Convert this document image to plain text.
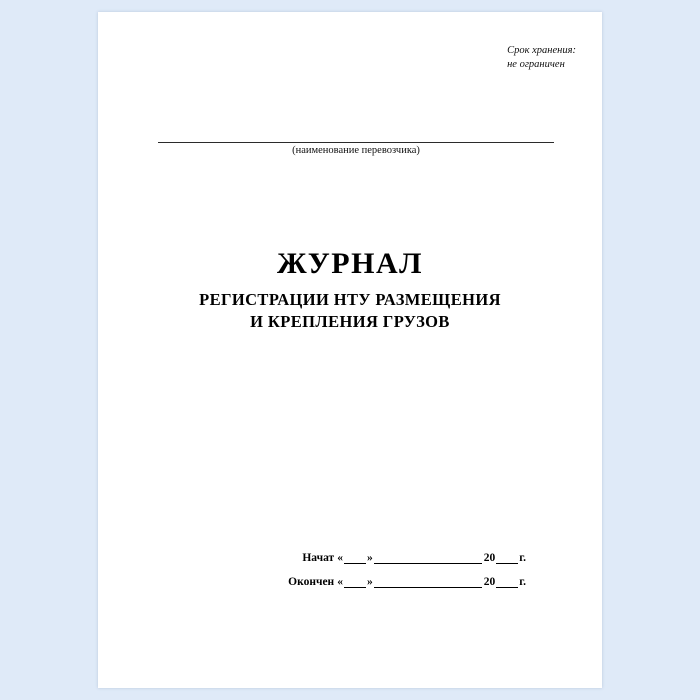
Срок хранения:
не ограничен
(наименование перевозчика)
ЖУРНАЛ
РЕГИСТРАЦИИ НТУ РАЗМЕЩЕНИЯ
И КРЕПЛЕНИЯ ГРУЗОВ
Начат « »	20 г.
Окончен « »	20 г.
